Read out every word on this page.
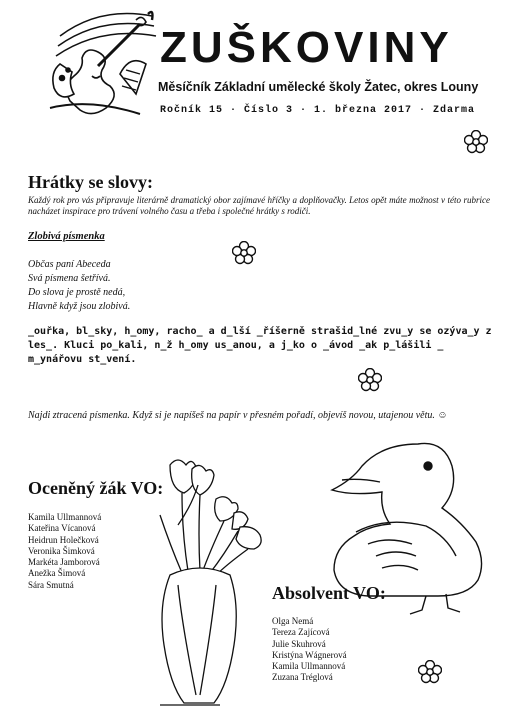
ZUŠKOVINY
Měsíčník Základní umělecké školy Žatec, okres Louny
Ročník 15 · Číslo 3 · 1. března 2017 · Zdarma
Hrátky se slovy:
Každý rok pro vás připravuje literárně dramatický obor zajímavé hříčky a doplňovačky. Letos opět máte možnost v této rubrice nacházet inspirace pro trávení volného času a třeba i společné hrátky s rodiči.
Zlobivá písmenka
Občas paní Abeceda
Svá písmena šetřívá.
Do slova je prostě nedá,
Hlavně když jsou zlobivá.
_ouřka, bl_sky, h_omy, racho_ a d_lší _říšerně strašid_lné zvu_y se ozýva_y z les_. Kluci po_kali, n_ž h_omy us_anou, a j_ko o _ávod _ak p_lášili _ m_ynářovu st_vení.
Najdi ztracená písmenka. Když si je napíšeš na papír v přesném pořadí, objevíš novou, utajenou větu. ☺
Oceněný žák VO:
Kamila Ullmannová
Kateřina Vícanová
Heidrun Holečková
Veronika Šimková
Markéta Jamborová
Anežka Šimová
Sára Smutná	Absolvent VO:
Olga Nemá
Tereza Zajícová
Julie Skuhrová
Kristýna Wágnerová
Kamila Ullmannová
Zuzana Tréglová
